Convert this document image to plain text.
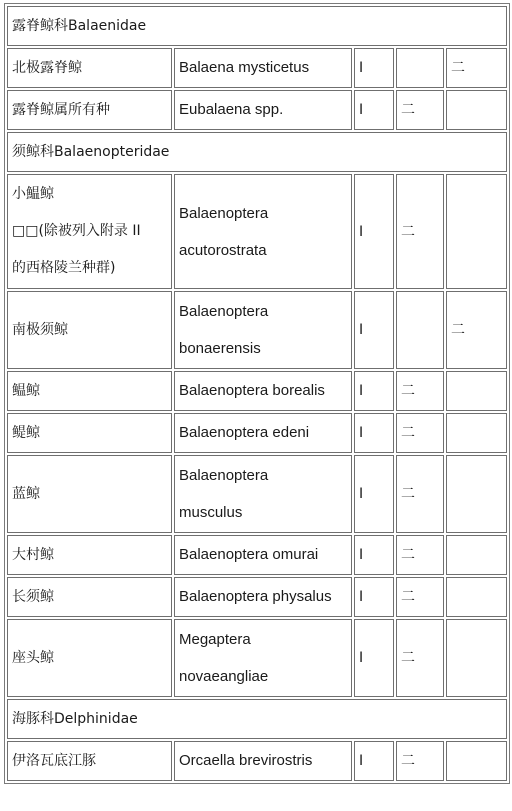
露脊鲸科Balaenidae				

北极露脊鲸	Balaena mysticetus	I		二

露脊鲸属所有种	Eubalaena spp.	I	二	
须鲸科Balaenopteridae				

小鰛鲸
□□(除被列入附录 II
的西格陵兰种群)	Balaenoptera
acutorostrata	I	二	

南极须鲸	Balaenoptera
bonaerensis	I		二

鳁鲸	Balaenoptera borealis	I	二	

鳀鲸	Balaenoptera edeni	I	二	

蓝鲸	Balaenoptera
musculus	I	二	

大村鲸	Balaenoptera omurai	I	二	

长须鲸	Balaenoptera physalus	I	二	

座头鲸	Megaptera
novaeangliae	I	二	
海豚科Delphinidae				

伊洛瓦底江豚	Orcaella brevirostris	I	二	
